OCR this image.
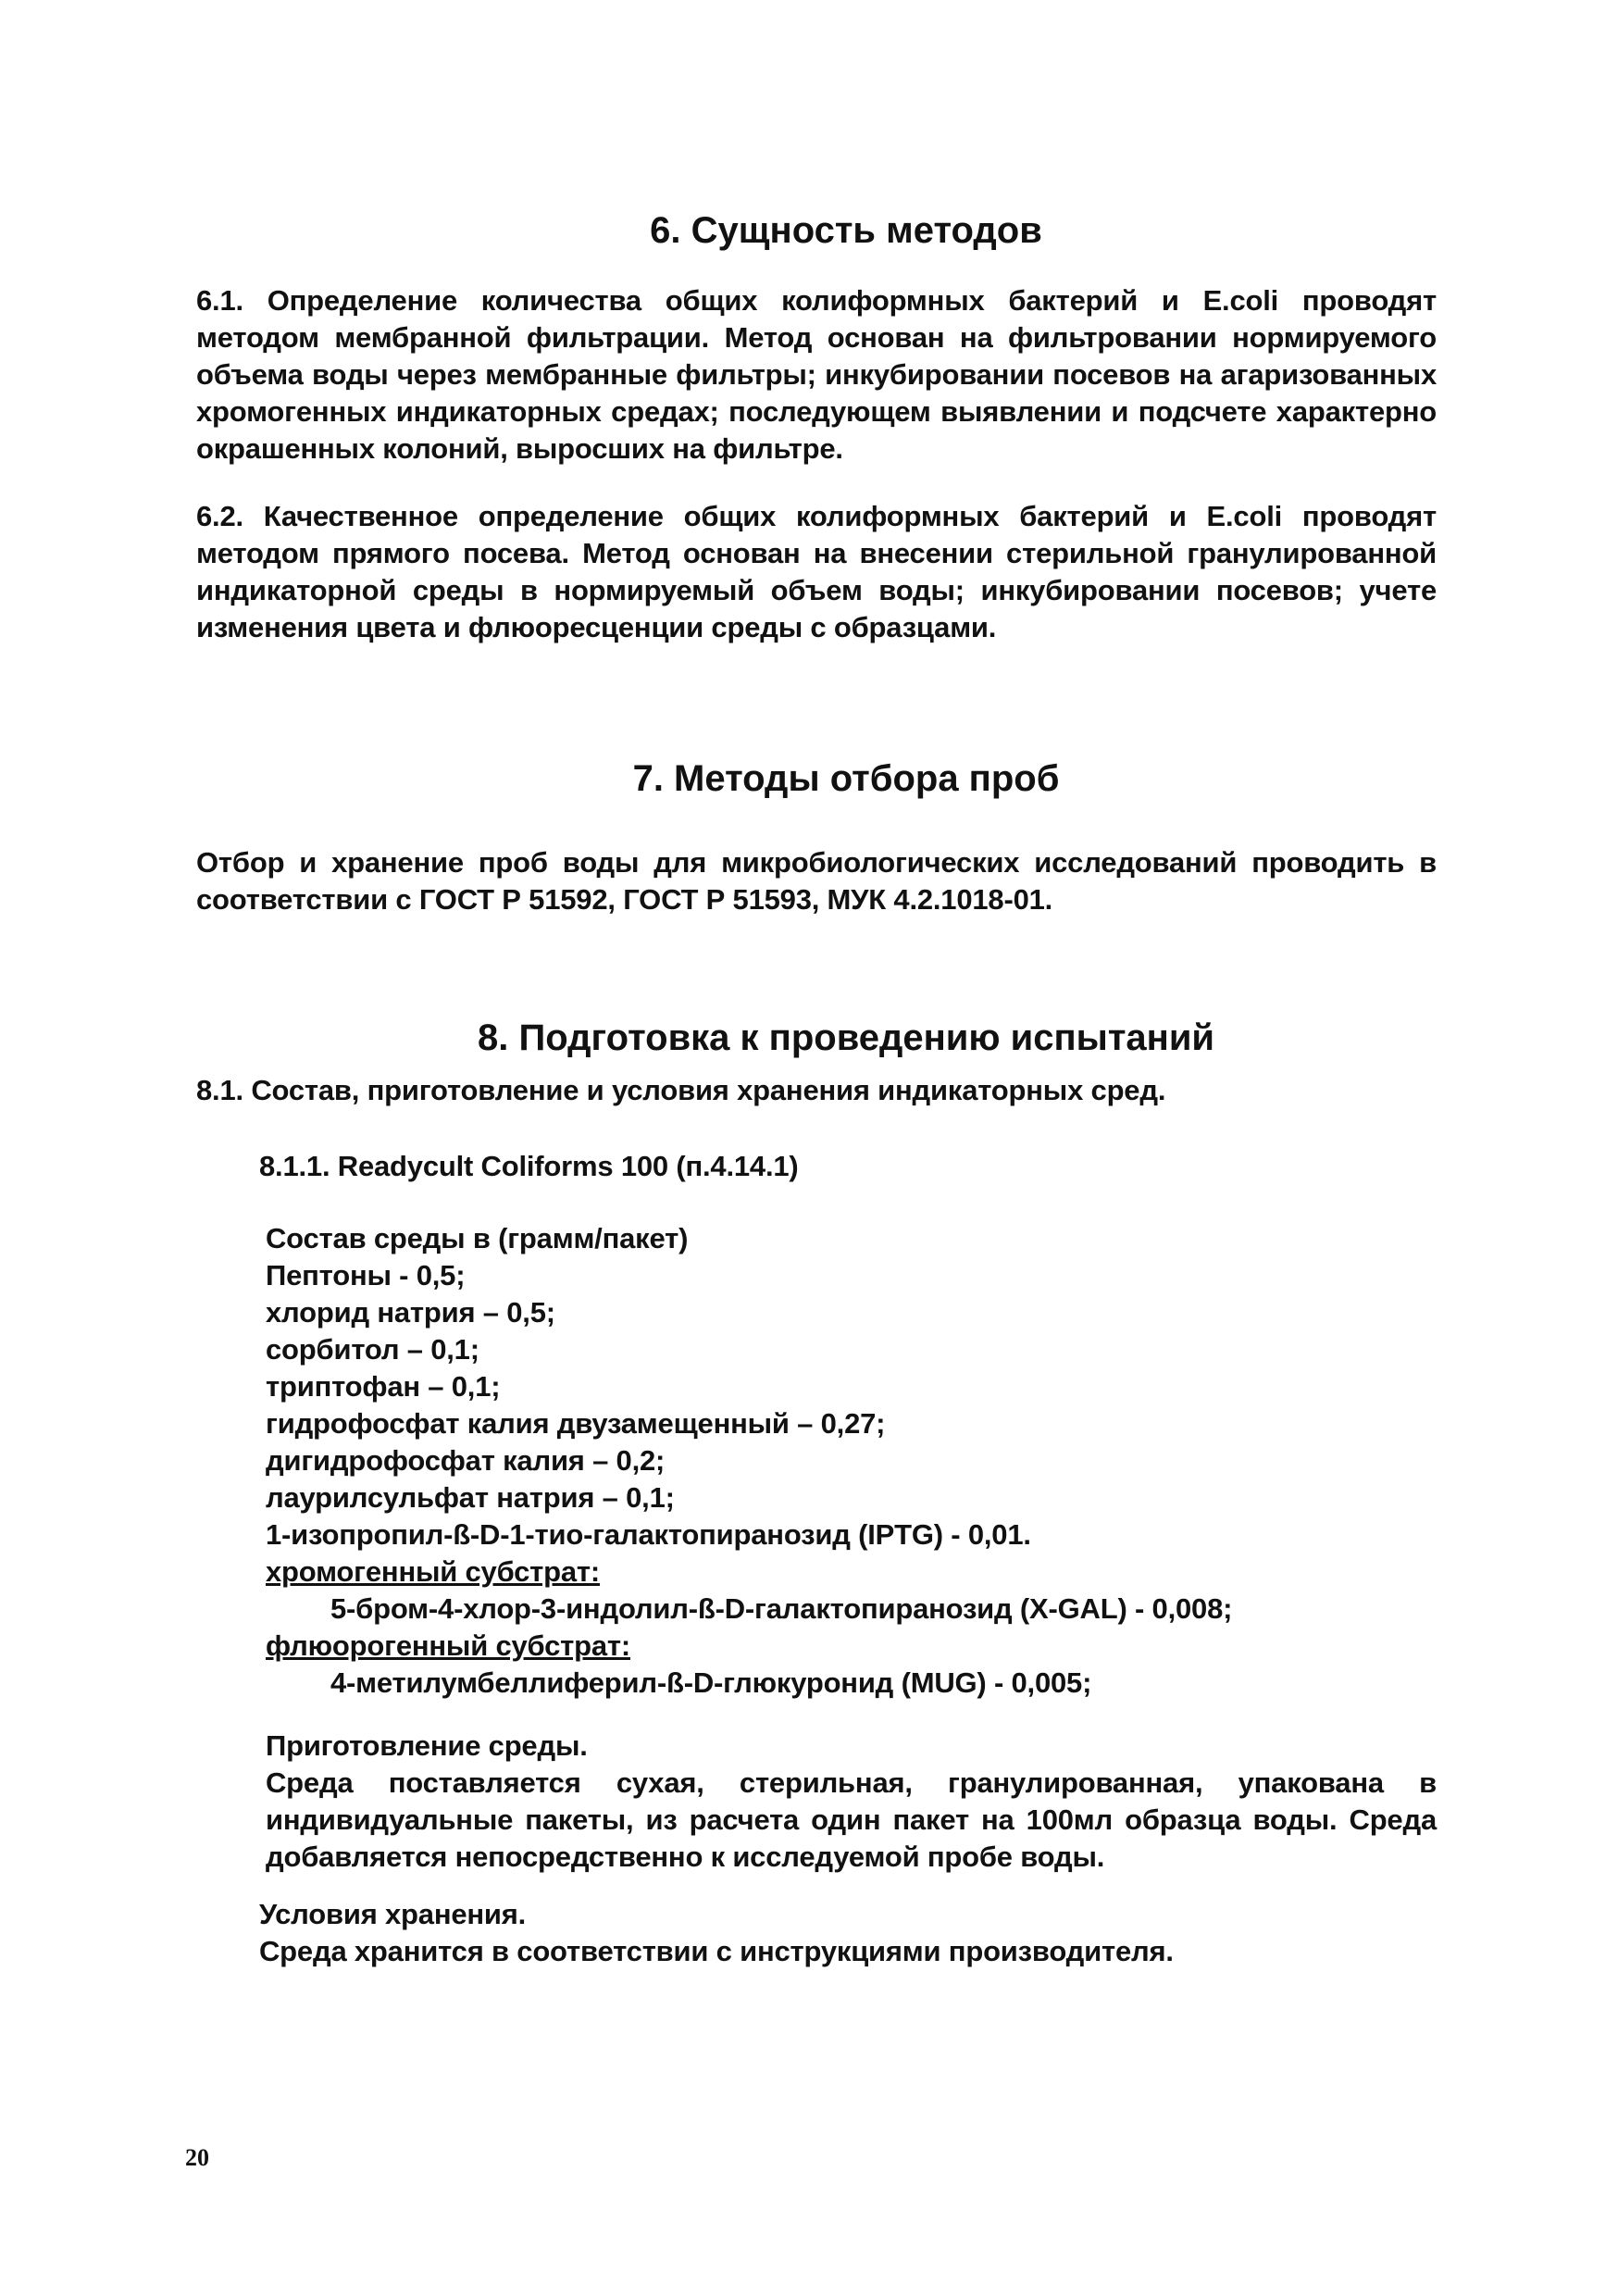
6. Сущность методов
6.1. Определение количества общих колиформных бактерий и E.coli проводят методом мембранной фильтрации. Метод основан на фильтровании нормируемого объема воды через мембранные фильтры; инкубировании посевов на агаризованных хромогенных индикаторных средах; последующем выявлении и подсчете характерно окрашенных колоний, выросших на фильтре.
6.2. Качественное определение общих колиформных бактерий и E.coli проводят методом прямого посева. Метод основан на внесении стерильной гранулированной индикаторной среды в нормируемый объем воды; инкубировании посевов; учете изменения цвета и флюоресценции среды с образцами.
7. Методы отбора проб
Отбор и хранение проб воды для микробиологических исследований проводить в соответствии с ГОСТ Р 51592, ГОСТ Р 51593, МУК 4.2.1018-01.
8. Подготовка к проведению испытаний
8.1. Состав, приготовление и условия хранения индикаторных сред.
8.1.1. Readycult Coliforms 100 (п.4.14.1)
Состав среды в (грамм/пакет)
Пептоны - 0,5;
хлорид натрия – 0,5;
сорбитол – 0,1;
триптофан – 0,1;
гидрофосфат калия двузамещенный – 0,27;
дигидрофосфат калия – 0,2;
лаурилсульфат натрия – 0,1;
1-изопропил-ß-D-1-тио-галактопиранозид (IPTG) - 0,01.
хромогенный субстрат:
5-бром-4-хлор-3-индолил-ß-D-галактопиранозид (X-GAL) - 0,008;
флюорогенный субстрат:
4-метилумбеллиферил-ß-D-глюкуронид (MUG) - 0,005;
Приготовление среды.
Среда поставляется сухая, стерильная, гранулированная, упакована в индивидуальные пакеты, из расчета один пакет на 100мл образца воды. Среда добавляется непосредственно к исследуемой пробе воды.
Условия хранения.
Среда хранится в соответствии с инструкциями производителя.
20
